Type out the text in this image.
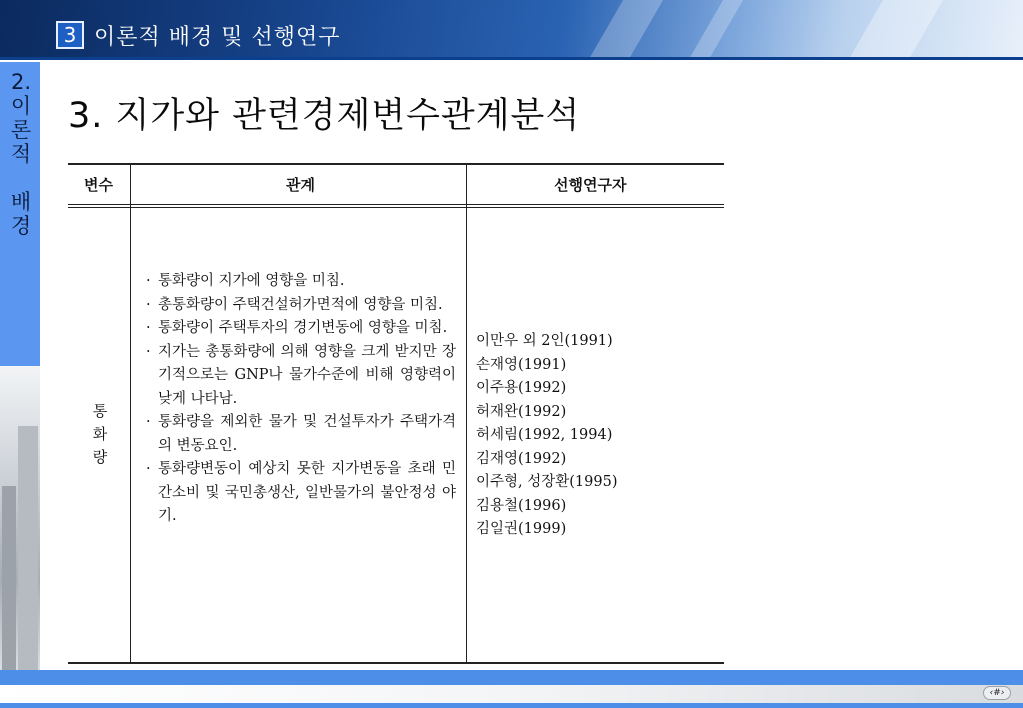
3 이론적 배경 및 선행연구
2.
이
론
적

배
경
3. 지가와 관련경제변수관계분석
변수	관계	선행연구자
통
화
량
· 통화량이 지가에 영향을 미침.
· 총통화량이 주택건설허가면적에 영향을 미침.
· 통화량이 주택투자의 경기변동에 영향을 미침.
· 지가는 총통화량에 의해 영향을 크게 받지만 장기적으로는 GNP나 물가수준에 비해 영향력이 낮게 나타남.
· 통화량을 제외한 물가 및 건설투자가 주택가격의 변동요인.
· 통화량변동이 예상치 못한 지가변동을 초래 민간소비 및 국민총생산, 일반물가의 불안정성 야기.
이만우 외 2인(1991)
손재영(1991)
이주용(1992)
허재완(1992)
허세림(1992, 1994)
김재영(1992)
이주형, 성장환(1995)
김용철(1996)
김일권(1999)
‹#›
